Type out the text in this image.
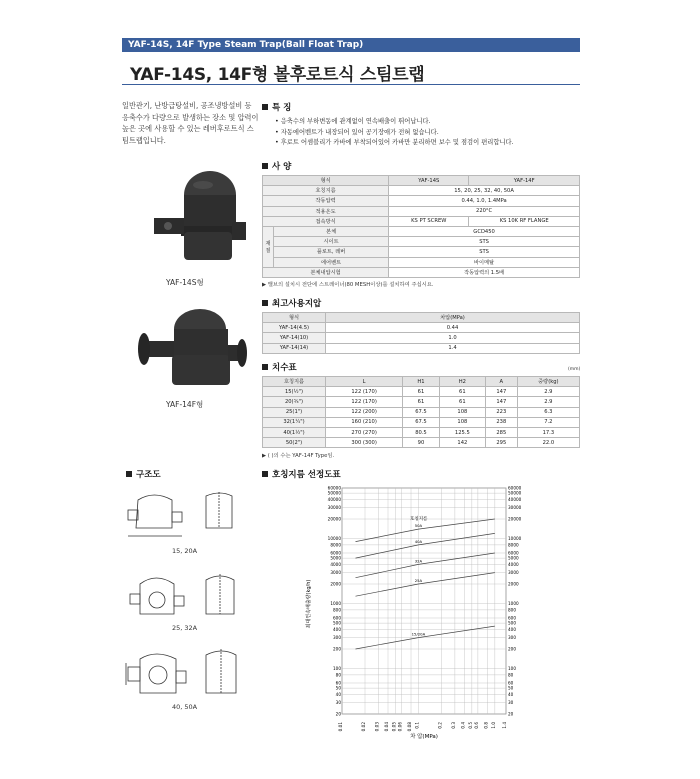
YAF-14S, 14F Type Steam Trap(Ball Float Trap)
YAF-14S, 14F형 볼후로트식 스팀트랩
일반관기, 난방급탕설비, 공조냉방설비 등 응축수가 다량으로 발생하는 장소 및 압력이 높은 곳에 사용할 수 있는 레버후로트식 스팀트랩입니다.
YAF-14S형
YAF-14F형
특 징
• 응축수의 부하변동에 관계없이 연속배출이 뛰어납니다.
• 자동에어벤트가 내장되어 있어 공기장애가 전혀 없습니다.
• 후로트 어셈블리가 카바에 부착되어있어 카바만 분리하면 보수 및 점검이 편리합니다.
사 양
형식		YAF-14S	YAF-14F
호칭지름		15, 20, 25, 32, 40, 50A	
작동압력		0.44, 1.0, 1.4MPa	
적용온도		220°C	
접속방식		KS PT SCREW	KS 10K RF FLANGE
재 질	본체	GCD450	
	시이트	STS	
	플로트, 레버	STS	
	에어벤트	바이메탈	
본체내압시험		작동압력의 1.5배	
▶ 밸브의 설치시 전단에 스트레이너(80 MESH이상)를 설치하여 주십시요.
최고사용지압
형식	차압(MPa)
YAF-14(4.5)	0.44
YAF-14(10)	1.0
YAF-14(14)	1.4
치수표	(mm)
호칭지름	L	H1	H2	A	중량(kg)
15(½")	122 (170)	61	61	147	2.9
20(¾")	122 (170)	61	61	147	2.9
25(1")	122 (200)	67.5	108	223	6.3
32(1¼")	160 (210)	67.5	108	238	7.2
40(1½")	270 (270)	80.5	125.5	285	17.3
50(2")	300 (300)	90	142	295	22.0
▶ ( )의 수는 YAF-14F Type임.
구조도
15, 20A
25, 32A
40, 50A
호칭지름 선정도표
0.01	0.02 0.03 0.04 0.05 0.06 0.08 0.1	0.2 0.3 0.4 0.5 0.6 0.8 1.0 1.4
20	20
30	30
40	40
50	50
60	60
80	80
100	100
200	200
300	300
400	400
500	500
600	600
800	800
1000	1000
2000	2000
3000	3000
4000	4000
5000	5000
6000	6000
8000	8000
10000	10000
20000	20000
30000	30000
40000	40000
50000	50000
60000	60000
50A
40A
32A
25A
15/20A
호칭지름
차 압(MPa)
최대연속배출량(kg/h)
